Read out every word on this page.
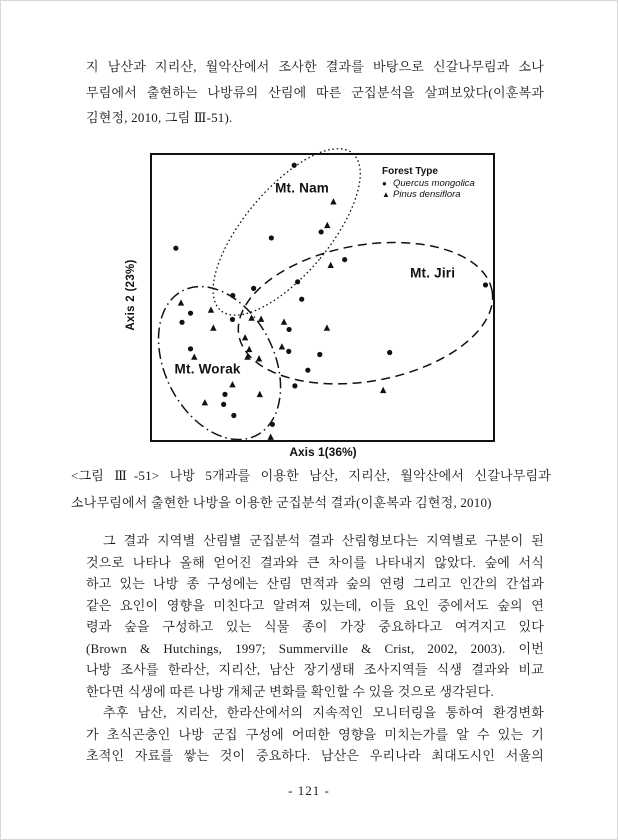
지 남산과 지리산, 월악산에서 조사한 결과를 바탕으로 신갈나무림과 소나
무림에서 출현하는 나방류의 산림에 따른 군집분석을 살펴보았다(이훈복과
김현정, 2010, 그림 Ⅲ-51).
Axis 2 (23%)
Forest Type
● Quercus mongolica
▲ Pinus densiflora
Mt. Nam
Mt. Jiri
Mt. Worak
Axis 1(36%)
<그림 Ⅲ-51> 나방 5개과를 이용한 남산, 지리산, 월악산에서 신갈나무림과
소나무림에서 출현한 나방을 이용한 군집분석 결과(이훈복과 김현정, 2010)
그 결과 지역별 산림별 군집분석 결과 산림형보다는 지역별로 구분이 된
것으로 나타나 올해 얻어진 결과와 큰 차이를 나타내지 않았다. 숲에 서식
하고 있는 나방 종 구성에는 산림 면적과 숲의 연령 그리고 인간의 간섭과
같은 요인이 영향을 미친다고 알려져 있는데, 이들 요인 중에서도 숲의 연
령과 숲을 구성하고 있는 식물 종이 가장 중요하다고 여겨지고 있다
(Brown & Hutchings, 1997; Summerville & Crist, 2002, 2003). 이번
나방 조사를 한라산, 지리산, 남산 장기생태 조사지역들 식생 결과와 비교
한다면 식생에 따른 나방 개체군 변화를 확인할 수 있을 것으로 생각된다.
추후 남산, 지리산, 한라산에서의 지속적인 모니터링을 통하여 환경변화
가 초식곤충인 나방 군집 구성에 어떠한 영향을 미치는가를 알 수 있는 기
초적인 자료를 쌓는 것이 중요하다. 남산은 우리나라 최대도시인 서울의
- 121 -
